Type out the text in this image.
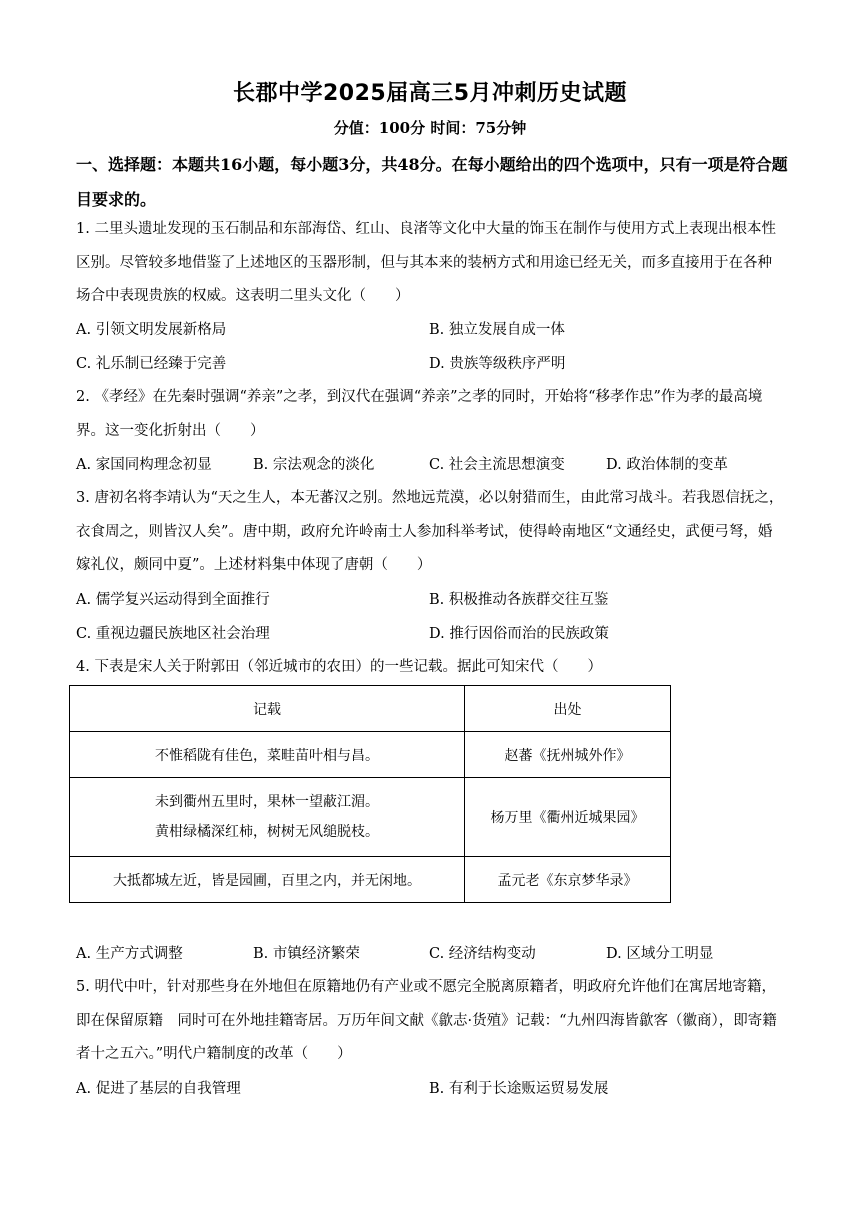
长郡中学2025届高三5月冲刺历史试题
分值：100分 时间：75分钟
一、选择题：本题共16小题，每小题3分，共48分。在每小题给出的四个选项中，只有一项是符合题目要求的。
1. 二里头遗址发现的玉石制品和东部海岱、红山、良渚等文化中大量的饰玉在制作与使用方式上表现出根本性区别。尽管较多地借鉴了上述地区的玉器形制，但与其本来的装柄方式和用途已经无关，而多直接用于在各种场合中表现贵族的权威。这表明二里头文化（　　）
A. 引领文明发展新格局	B. 独立发展自成一体
C. 礼乐制已经臻于完善	D. 贵族等级秩序严明
2. 《孝经》在先秦时强调“养亲”之孝，到汉代在强调“养亲”之孝的同时，开始将“移孝作忠”作为孝的最高境界。这一变化折射出（　　）
A. 家国同构理念初显	B. 宗法观念的淡化	C. 社会主流思想演变	D. 政治体制的变革
3. 唐初名将李靖认为“天之生人，本无蕃汉之别。然地远荒漠，必以射猎而生，由此常习战斗。若我恩信抚之，衣食周之，则皆汉人矣”。唐中期，政府允许岭南士人参加科举考试，使得岭南地区“文通经史，武便弓弩，婚嫁礼仪，颇同中夏”。上述材料集中体现了唐朝（　　）
A. 儒学复兴运动得到全面推行	B. 积极推动各族群交往互鉴
C. 重视边疆民族地区社会治理	D. 推行因俗而治的民族政策
4. 下表是宋人关于附郭田（邻近城市的农田）的一些记载。据此可知宋代（　　）
记载	出处
不惟稻陇有佳色，菜畦苗叶相与昌。	赵蕃《抚州城外作》

未到衢州五里时，果林一望蔽江湄。
黄柑绿橘深红柿，树树无风缒脱枝。	杨万里《衢州近城果园》
大抵都城左近，皆是园圃，百里之内，并无闲地。	孟元老《东京梦华录》
A. 生产方式调整	B. 市镇经济繁荣	C. 经济结构变动	D. 区域分工明显
5. 明代中叶，针对那些身在外地但在原籍地仍有产业或不愿完全脱离原籍者，明政府允许他们在寓居地寄籍，即在保留原籍　同时可在外地挂籍寄居。万历年间文献《歙志·货殖》记载：“九州四海皆歙客（徽商），即寄籍者十之五六。”明代户籍制度的改革（　　）
A. 促进了基层的自我管理	B. 有利于长途贩运贸易发展
